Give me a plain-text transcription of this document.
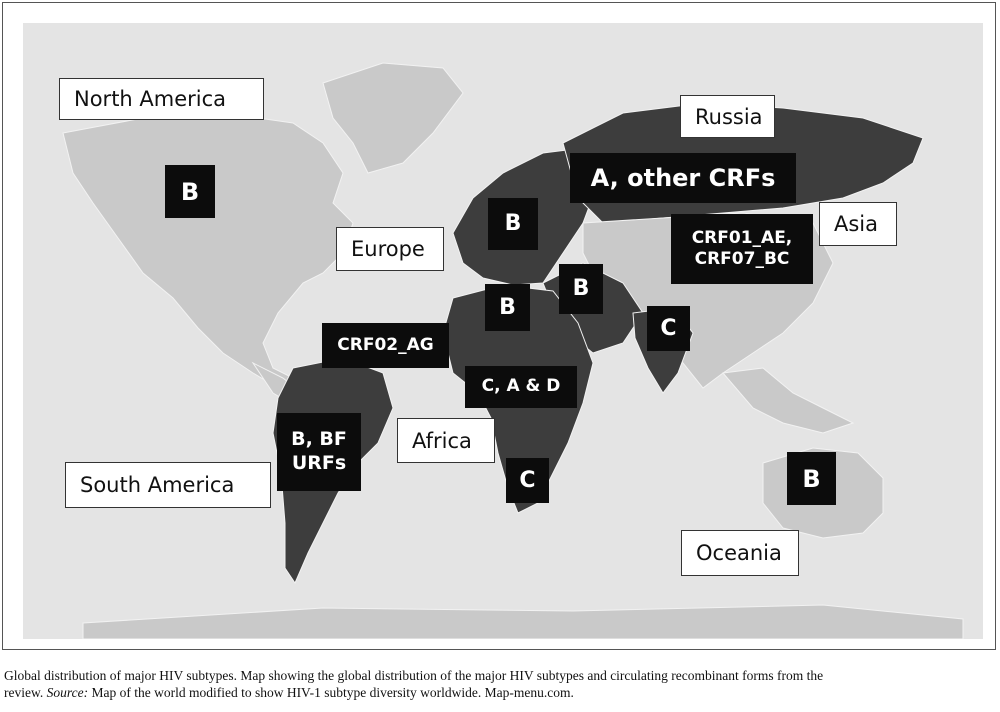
North America
Russia
Asia
Europe
Africa
South America
Oceania
B	A, other CRFs
B
CRF01_AE,
CRF07_BC
B
B
C
CRF02_AG
C, A & D
B, BF
URFs
C	B
Global distribution of major HIV subtypes. Map showing the global distribution of the major HIV subtypes and circulating recombinant forms from the
review. Source: Map of the world modified to show HIV-1 subtype diversity worldwide. Map-menu.com.
